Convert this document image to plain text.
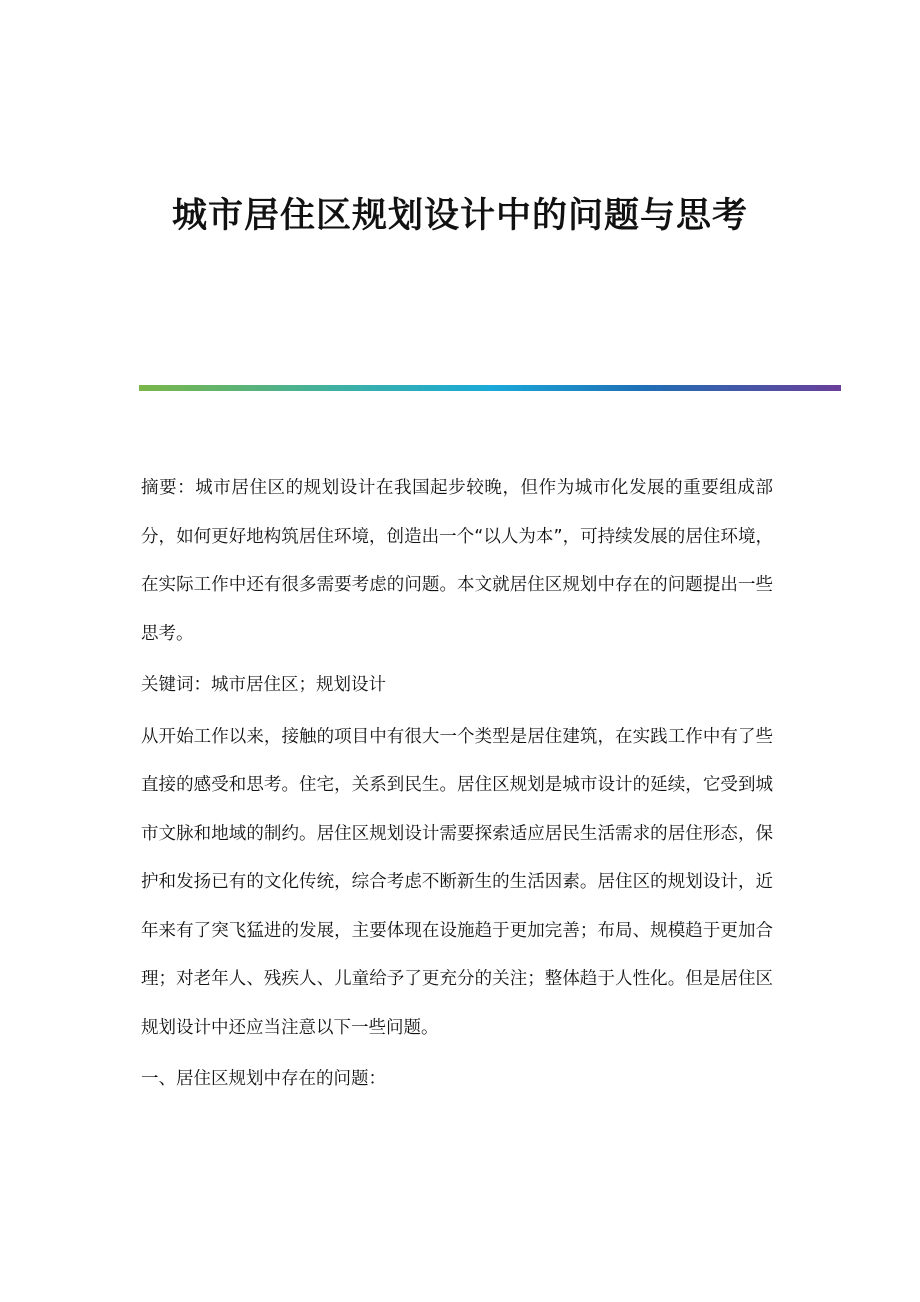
城市居住区规划设计中的问题与思考

摘要：城市居住区的规划设计在我国起步较晚，但作为城市化发展的重要组成部分，如何更好地构筑居住环境，创造出一个“以人为本”，可持续发展的居住环境，在实际工作中还有很多需要考虑的问题。本文就居住区规划中存在的问题提出一些思考。

关键词：城市居住区；规划设计

从开始工作以来，接触的项目中有很大一个类型是居住建筑，在实践工作中有了些直接的感受和思考。住宅，关系到民生。居住区规划是城市设计的延续，它受到城市文脉和地域的制约。居住区规划设计需要探索适应居民生活需求的居住形态，保护和发扬已有的文化传统，综合考虑不断新生的生活因素。居住区的规划设计，近年来有了突飞猛进的发展，主要体现在设施趋于更加完善；布局、规模趋于更加合理；对老年人、残疾人、儿童给予了更充分的关注；整体趋于人性化。但是居住区规划设计中还应当注意以下一些问题。

一、居住区规划中存在的问题：
